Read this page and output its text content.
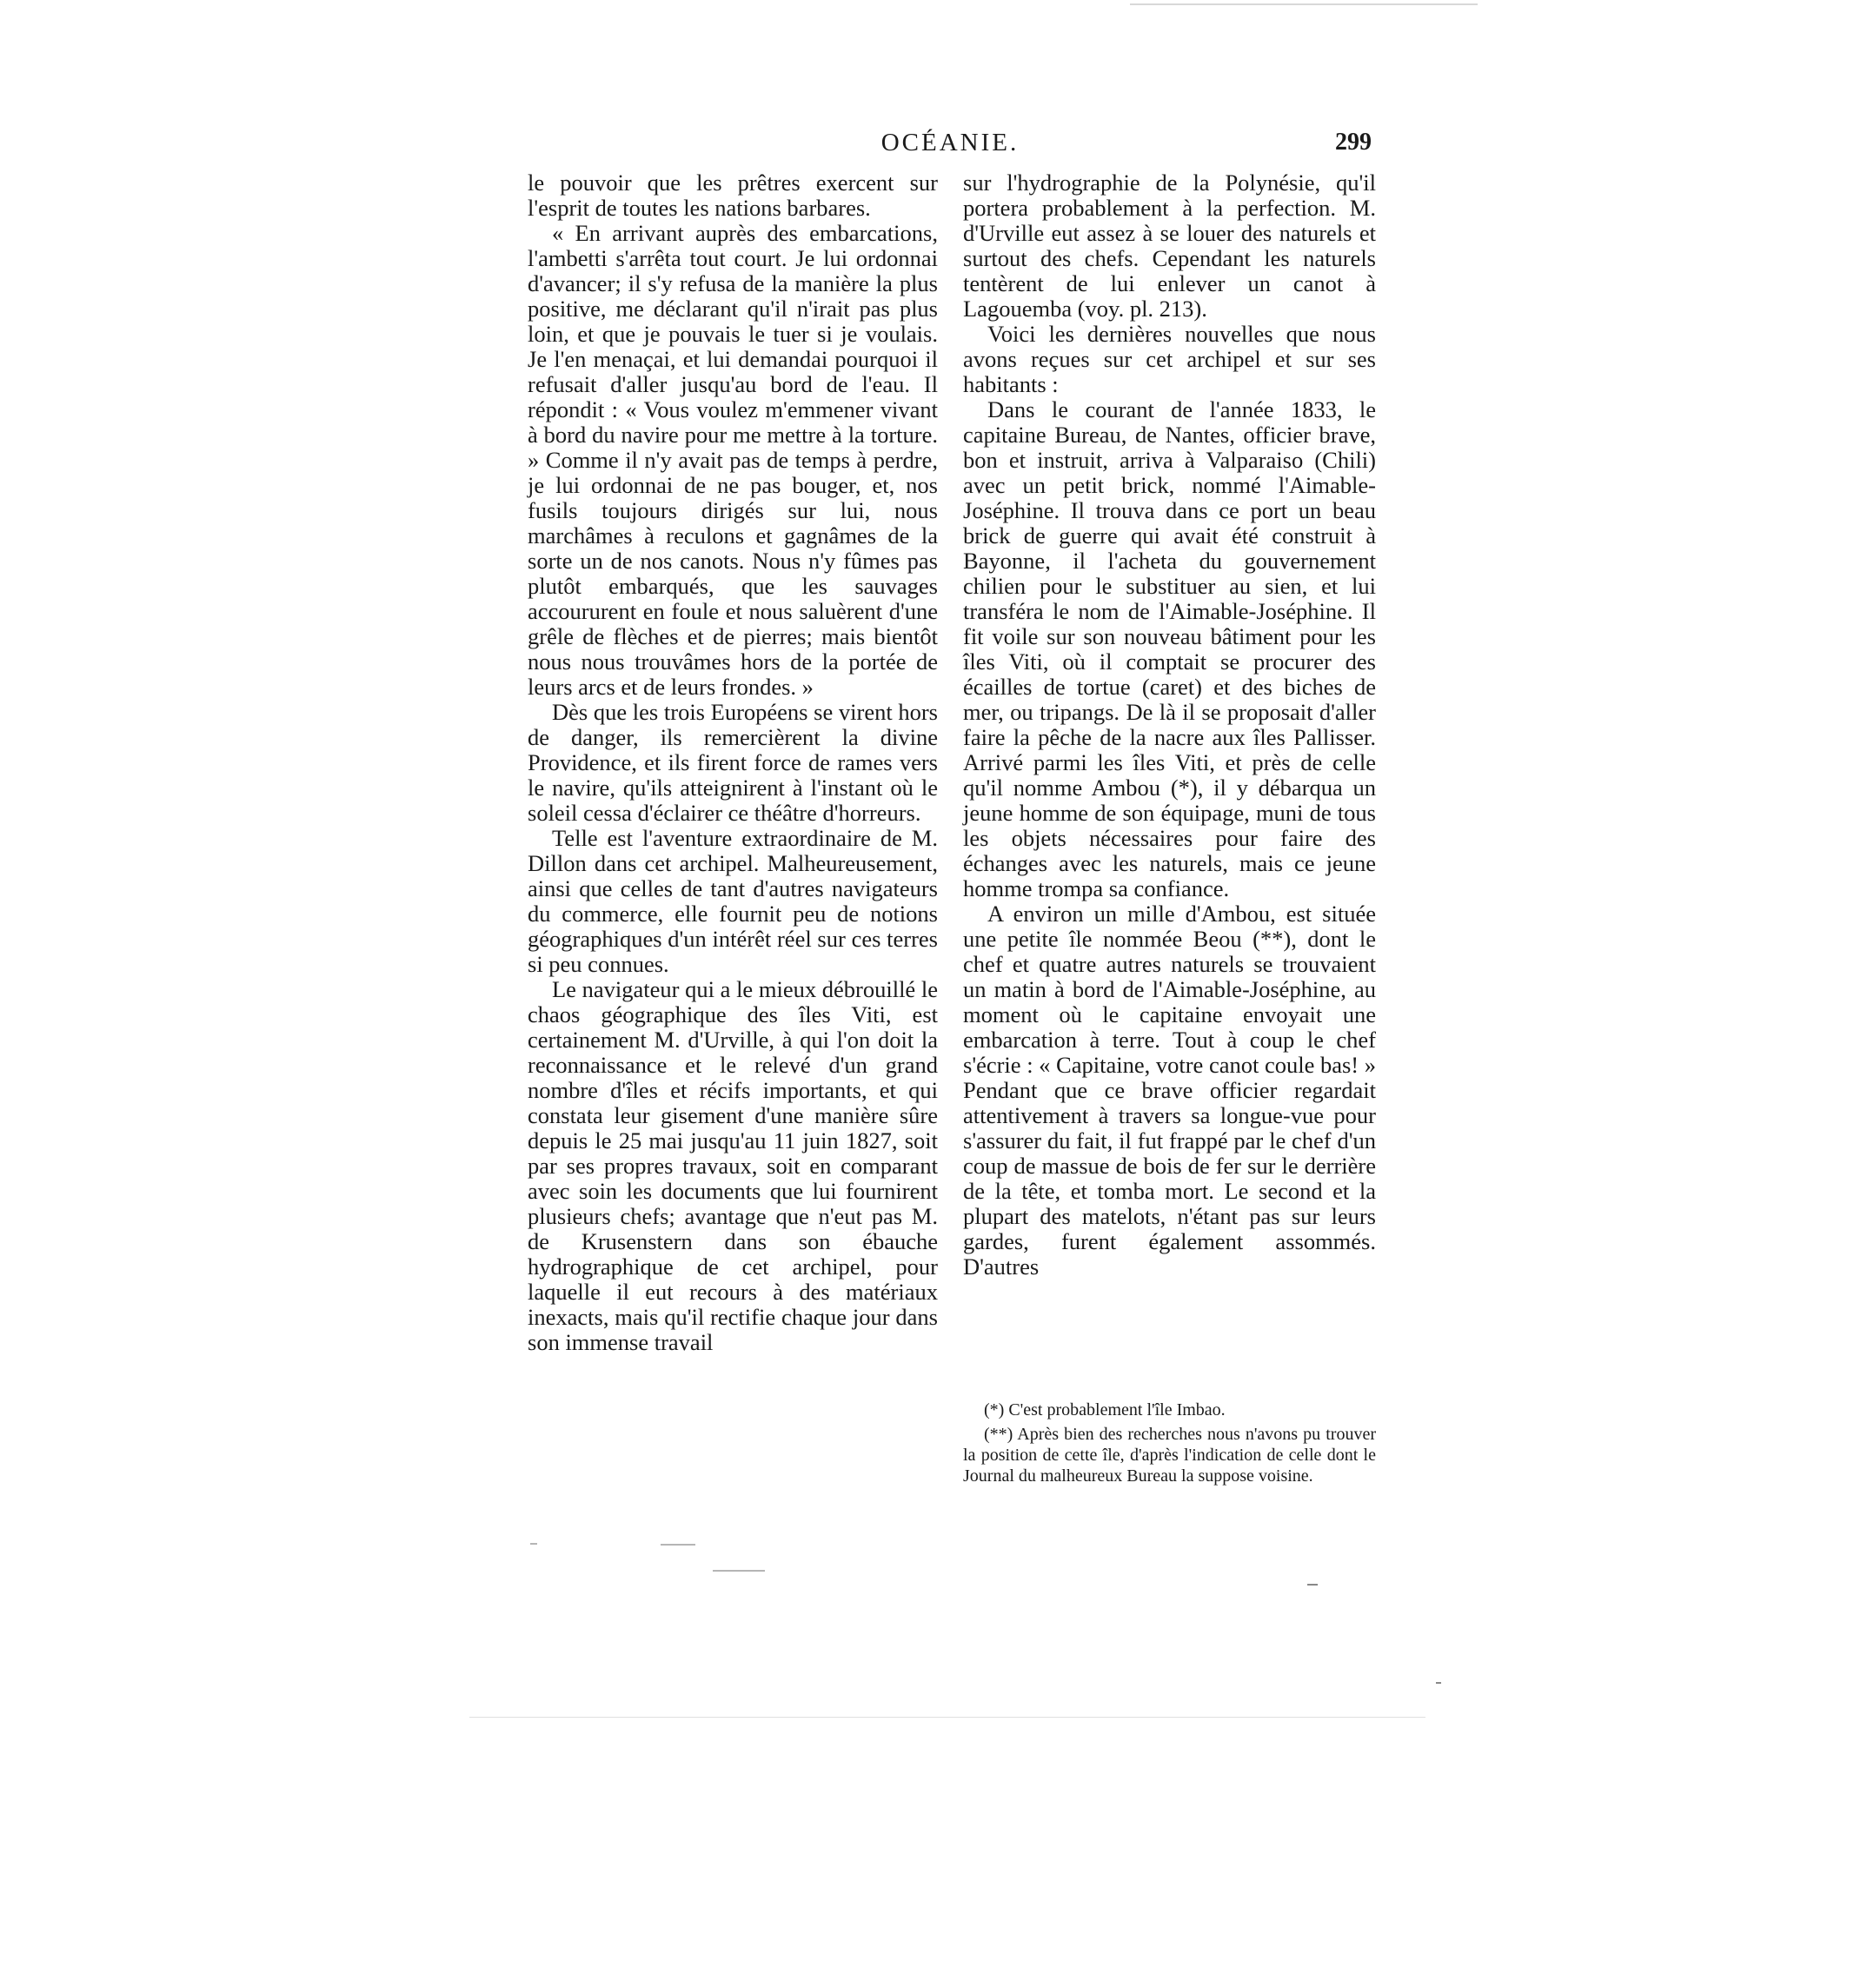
OCÉANIE.	299

le pouvoir que les prêtres exercent sur l'esprit de toutes les nations barbares.

« En arrivant auprès des embarcations, l'ambetti s'arrêta tout court. Je lui ordonnai d'avancer; il s'y refusa de la manière la plus positive, me déclarant qu'il n'irait pas plus loin, et que je pouvais le tuer si je voulais. Je l'en menaçai, et lui demandai pourquoi il refusait d'aller jusqu'au bord de l'eau. Il répondit : « Vous voulez m'emmener vivant à bord du navire pour me mettre à la torture. » Comme il n'y avait pas de temps à perdre, je lui ordonnai de ne pas bouger, et, nos fusils toujours dirigés sur lui, nous marchâmes à reculons et gagnâmes de la sorte un de nos canots. Nous n'y fûmes pas plutôt embarqués, que les sauvages accoururent en foule et nous saluèrent d'une grêle de flèches et de pierres; mais bientôt nous nous trouvâmes hors de la portée de leurs arcs et de leurs frondes. »

Dès que les trois Européens se virent hors de danger, ils remercièrent la divine Providence, et ils firent force de rames vers le navire, qu'ils atteignirent à l'instant où le soleil cessa d'éclairer ce théâtre d'horreurs.

Telle est l'aventure extraordinaire de M. Dillon dans cet archipel. Malheureusement, ainsi que celles de tant d'autres navigateurs du commerce, elle fournit peu de notions géographiques d'un intérêt réel sur ces terres si peu connues.

Le navigateur qui a le mieux débrouillé le chaos géographique des îles Viti, est certainement M. d'Urville, à qui l'on doit la reconnaissance et le relevé d'un grand nombre d'îles et récifs importants, et qui constata leur gisement d'une manière sûre depuis le 25 mai jusqu'au 11 juin 1827, soit par ses propres travaux, soit en comparant avec soin les documents que lui fournirent plusieurs chefs; avantage que n'eut pas M. de Krusenstern dans son ébauche hydrographique de cet archipel, pour laquelle il eut recours à des matériaux inexacts, mais qu'il rectifie chaque jour dans son immense travail

sur l'hydrographie de la Polynésie, qu'il portera probablement à la perfection. M. d'Urville eut assez à se louer des naturels et surtout des chefs. Cependant les naturels tentèrent de lui enlever un canot à Lagouemba (voy. pl. 213).

Voici les dernières nouvelles que nous avons reçues sur cet archipel et sur ses habitants :

Dans le courant de l'année 1833, le capitaine Bureau, de Nantes, officier brave, bon et instruit, arriva à Valparaiso (Chili) avec un petit brick, nommé l'Aimable-Joséphine. Il trouva dans ce port un beau brick de guerre qui avait été construit à Bayonne, il l'acheta du gouvernement chilien pour le substituer au sien, et lui transféra le nom de l'Aimable-Joséphine. Il fit voile sur son nouveau bâtiment pour les îles Viti, où il comptait se procurer des écailles de tortue (caret) et des biches de mer, ou tripangs. De là il se proposait d'aller faire la pêche de la nacre aux îles Pallisser. Arrivé parmi les îles Viti, et près de celle qu'il nomme Ambou (*), il y débarqua un jeune homme de son équipage, muni de tous les objets nécessaires pour faire des échanges avec les naturels, mais ce jeune homme trompa sa confiance.

A environ un mille d'Ambou, est située une petite île nommée Beou (**), dont le chef et quatre autres naturels se trouvaient un matin à bord de l'Aimable-Joséphine, au moment où le capitaine envoyait une embarcation à terre. Tout à coup le chef s'écrie : « Capitaine, votre canot coule bas! » Pendant que ce brave officier regardait attentivement à travers sa longue-vue pour s'assurer du fait, il fut frappé par le chef d'un coup de massue de bois de fer sur le derrière de la tête, et tomba mort. Le second et la plupart des matelots, n'étant pas sur leurs gardes, furent également assommés. D'autres

(*) C'est probablement l'île Imbao.

(**) Après bien des recherches nous n'avons pu trouver la position de cette île, d'après l'indication de celle dont le Journal du malheureux Bureau la suppose voisine.
